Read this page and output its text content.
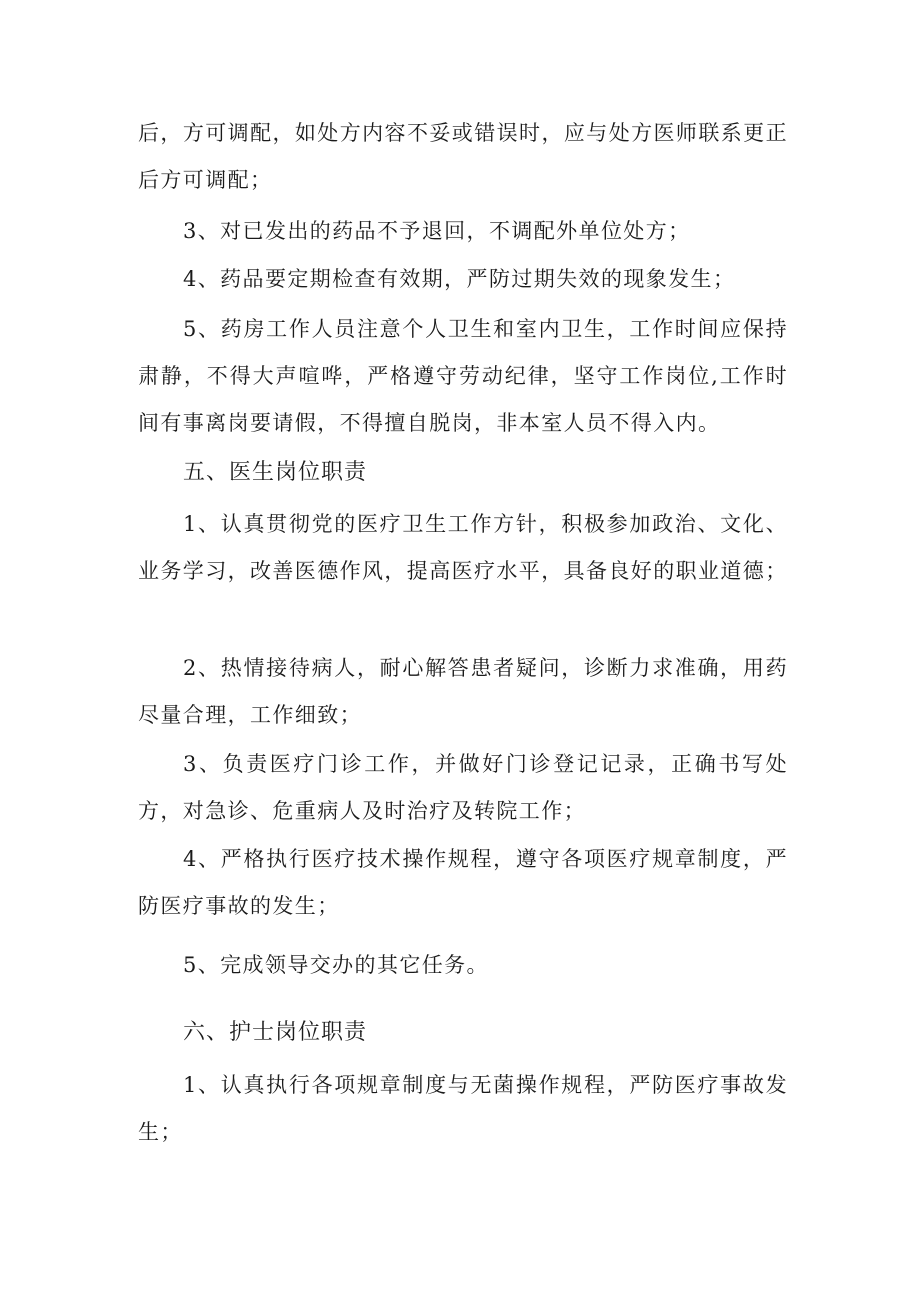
后，方可调配，如处方内容不妥或错误时，应与处方医师联系更正后方可调配；

3、对已发出的药品不予退回，不调配外单位处方；

4、药品要定期检查有效期，严防过期失效的现象发生；

5、药房工作人员注意个人卫生和室内卫生，工作时间应保持肃静，不得大声喧哗，严格遵守劳动纪律，坚守工作岗位,工作时间有事离岗要请假，不得擅自脱岗，非本室人员不得入内。

五、医生岗位职责

1、认真贯彻党的医疗卫生工作方针，积极参加政治、文化、业务学习，改善医德作风，提高医疗水平，具备良好的职业道德；

2、热情接待病人，耐心解答患者疑问，诊断力求准确，用药尽量合理，工作细致；

3、负责医疗门诊工作，并做好门诊登记记录，正确书写处方，对急诊、危重病人及时治疗及转院工作；

4、严格执行医疗技术操作规程，遵守各项医疗规章制度，严防医疗事故的发生；

5、完成领导交办的其它任务。

六、护士岗位职责

1、认真执行各项规章制度与无菌操作规程，严防医疗事故发生；
